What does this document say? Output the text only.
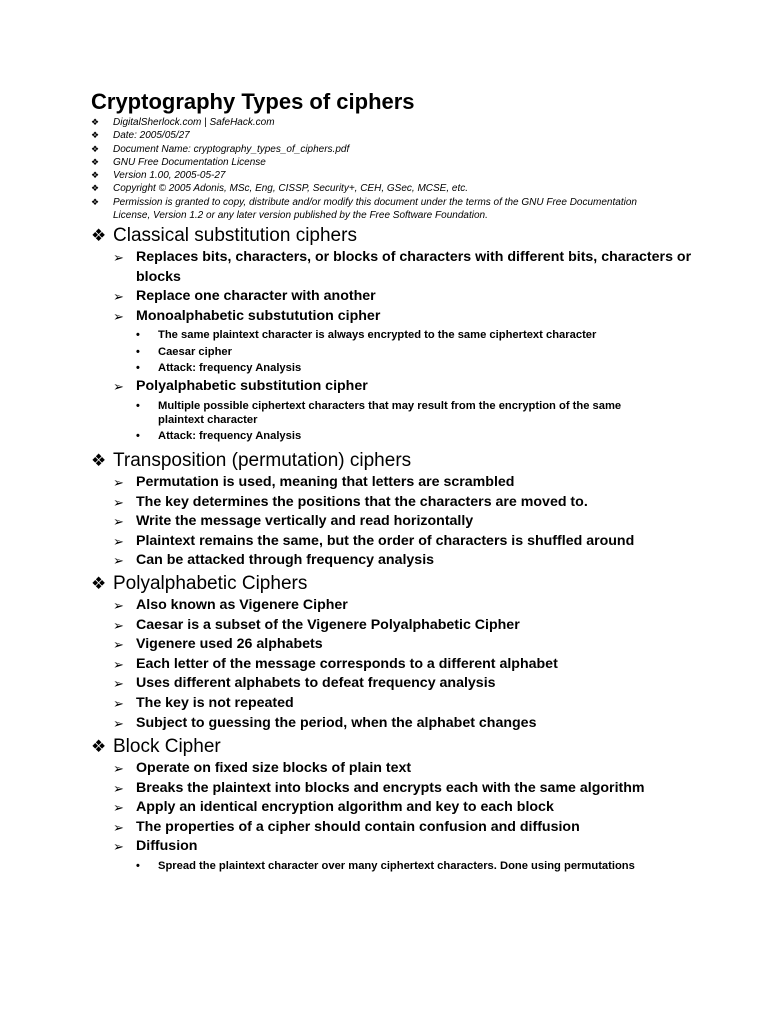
Cryptography Types of ciphers
❖ DigitalSherlock.com | SafeHack.com
❖ Date: 2005/05/27
❖ Document Name: cryptography_types_of_ciphers.pdf
❖ GNU Free Documentation License
❖ Version 1.00, 2005-05-27
❖ Copyright © 2005 Adonis, MSc, Eng, CISSP, Security+, CEH, GSec, MCSE, etc.
❖ Permission is granted to copy, distribute and/or modify this document under the terms of the GNU Free Documentation License, Version 1.2 or any later version published by the Free Software Foundation.
❖ Classical substitution ciphers
➢ Replaces bits, characters, or blocks of characters with different bits, characters or blocks
➢ Replace one character with another
➢ Monoalphabetic substutution cipher
• The same plaintext character is always encrypted to the same ciphertext character
• Caesar cipher
• Attack: frequency Analysis
➢ Polyalphabetic substitution cipher
• Multiple possible ciphertext characters that may result from the encryption of the same plaintext character
• Attack: frequency Analysis
❖ Transposition (permutation) ciphers
➢ Permutation is used, meaning that letters are scrambled
➢ The key determines the positions that the characters are moved to.
➢ Write the message vertically and read horizontally
➢ Plaintext remains the same, but the order of characters is shuffled around
➢ Can be attacked through frequency analysis
❖ Polyalphabetic Ciphers
➢ Also known as Vigenere Cipher
➢ Caesar is a subset of the Vigenere Polyalphabetic Cipher
➢ Vigenere used 26 alphabets
➢ Each letter of the message corresponds to a different alphabet
➢ Uses different alphabets to defeat frequency analysis
➢ The key is not repeated
➢ Subject to guessing the period, when the alphabet changes
❖ Block Cipher
➢ Operate on fixed size blocks of plain text
➢ Breaks the plaintext into blocks and encrypts each with the same algorithm
➢ Apply an identical encryption algorithm and key to each block
➢ The properties of a cipher should contain confusion and diffusion
➢ Diffusion
• Spread the plaintext character over many ciphertext characters. Done using permutations
